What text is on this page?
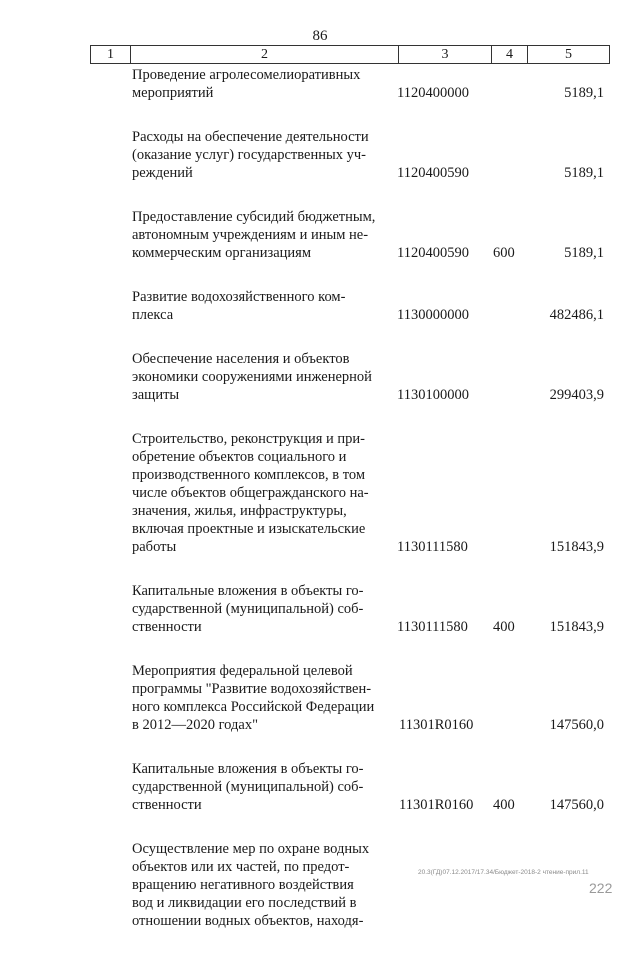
86
1	2	3	4	5
Проведение агролесомелиоративных
мероприятий	1120400000	5189,1
Расходы на обеспечение деятельности
(оказание услуг) государственных уч-
реждений	1120400590	5189,1
Предоставление субсидий бюджетным,
автономным учреждениям и иным не-
коммерческим организациям	1120400590 600	5189,1
Развитие водохозяйственного ком-
плекса	1130000000	482486,1
Обеспечение населения и объектов
экономики сооружениями инженерной
защиты	1130100000	299403,9
Строительство, реконструкция и при-
обретение объектов социального и
производственного комплексов, в том
числе объектов общегражданского на-
значения, жилья, инфраструктуры,
включая проектные и изыскательские
работы	1130111580	151843,9
Капитальные вложения в объекты го-
сударственной (муниципальной) соб-
ственности	1130111580 400 151843,9
Мероприятия федеральной целевой
программы "Развитие водохозяйствен-
ного комплекса Российской Федерации
в 2012—2020 годах"	11301R0160	147560,0
Капитальные вложения в объекты го-
сударственной (муниципальной) соб-
ственности	11301R0160 400 147560,0
Осуществление мер по охране водных
объектов или их частей, по предот-
вращению негативного воздействия
вод и ликвидации его последствий в
отношении водных объектов, находя-
20.3(ГД)07.12.2017/17.34/Бюджет-2018-2 чтение-прил.11
222
